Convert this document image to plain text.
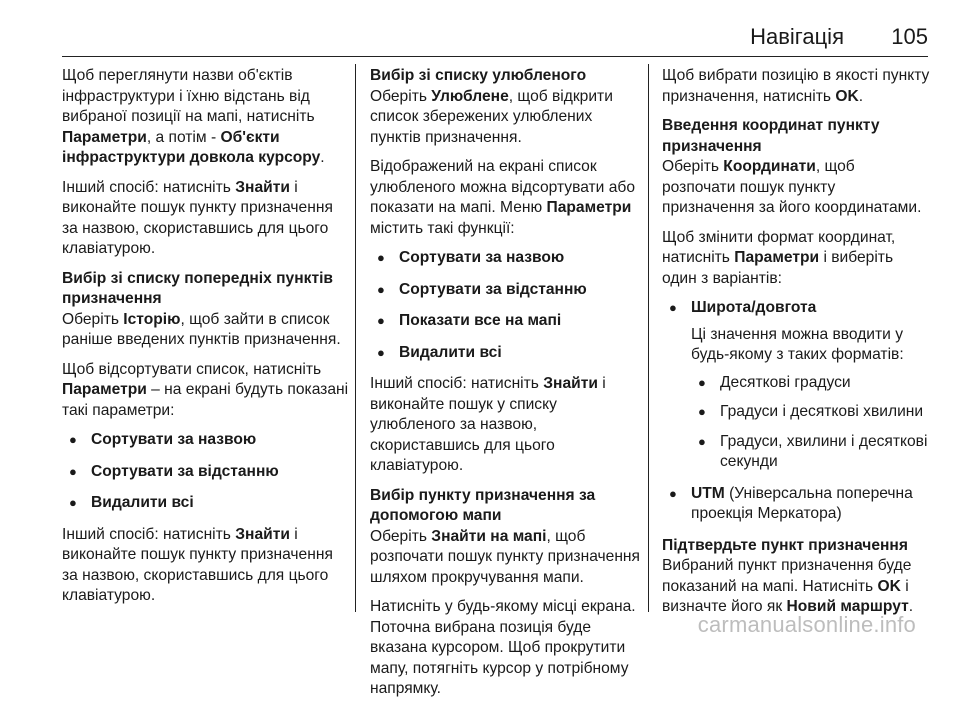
Навігація 105

Щоб переглянути назви об'єктів інфраструктури і їхню відстань від вибраної позиції на мапі, натисніть Параметри, а потім - Об'єкти інфраструктури довкола курсору.

Інший спосіб: натисніть Знайти і виконайте пошук пункту призначення за назвою, скориставшись для цього клавіатурою.

Вибір зі списку попередніх пунктів призначення

Оберіть Історію, щоб зайти в список раніше введених пунктів призначення.

Щоб відсортувати список, натисніть Параметри – на екрані будуть показані такі параметри:

● Сортувати за назвою
● Сортувати за відстанню
● Видалити всі

Інший спосіб: натисніть Знайти і виконайте пошук пункту призначення за назвою, скориставшись для цього клавіатурою.

Вибір зі списку улюбленого

Оберіть Улюблене, щоб відкрити список збережених улюблених пунктів призначення.

Відображений на екрані список улюбленого можна відсортувати або показати на мапі. Меню Параметри містить такі функції:

● Сортувати за назвою
● Сортувати за відстанню
● Показати все на мапі
● Видалити всі

Інший спосіб: натисніть Знайти і виконайте пошук у списку улюбленого за назвою, скориставшись для цього клавіатурою.

Вибір пункту призначення за допомогою мапи

Оберіть Знайти на мапі, щоб розпочати пошук пункту призначення шляхом прокручування мапи.

Натисніть у будь-якому місці екрана. Поточна вибрана позиція буде вказана курсором. Щоб прокрутити мапу, потягніть курсор у потрібному напрямку.

Щоб вибрати позицію в якості пункту призначення, натисніть OK.

Введення координат пункту призначення

Оберіть Координати, щоб розпочати пошук пункту призначення за його координатами.

Щоб змінити формат координат, натисніть Параметри і виберіть один з варіантів:

● Широта/довгота
Ці значення можна вводити у будь-якому з таких форматів:
● Десяткові градуси
● Градуси і десяткові хвилини
● Градуси, хвилини і десяткові секунди
● UTM (Універсальна поперечна проекція Меркатора)
Підтвердьте пункт призначення

Вибраний пункт призначення буде показаний на мапі. Натисніть OK і визначте його як Новий маршрут.

carmanualsonline.info
